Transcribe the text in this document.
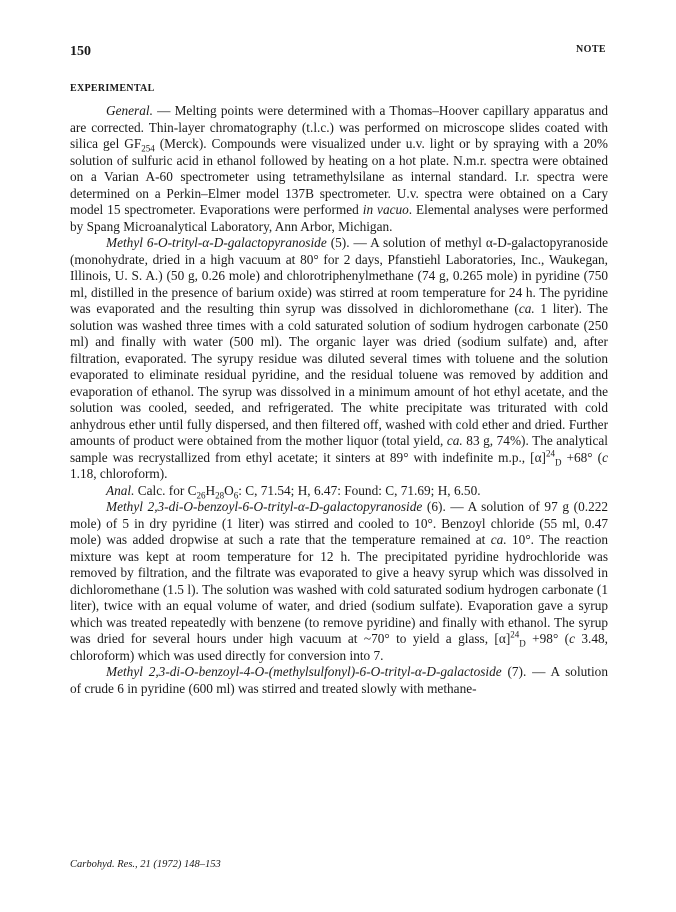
150	NOTE
EXPERIMENTAL

General. — Melting points were determined with a Thomas–Hoover capillary apparatus and are corrected. Thin-layer chromatography (t.l.c.) was performed on microscope slides coated with silica gel $GF_{254}$ (Merck). Compounds were visualized under u.v. light or by spraying with a 20% solution of sulfuric acid in ethanol followed by heating on a hot plate. N.m.r. spectra were obtained on a Varian A-60 spectrometer using tetramethylsilane as internal standard. I.r. spectra were determined on a Perkin–Elmer model 137B spectrometer. U.v. spectra were obtained on a Cary model 15 spectrometer. Evaporations were performed in vacuo. Elemental analyses were performed by Spang Microanalytical Laboratory, Ann Arbor, Michigan.

Methyl 6-O-trityl-α-D-galactopyranoside (5). — A solution of methyl α-D-galactopyranoside (monohydrate, dried in a high vacuum at 80° for 2 days, Pfanstiehl Laboratories, Inc., Waukegan, Illinois, U. S. A.) (50 g, 0.26 mole) and chlorotriphenylmethane (74 g, 0.265 mole) in pyridine (750 ml, distilled in the presence of barium oxide) was stirred at room temperature for 24 h. The pyridine was evaporated and the resulting thin syrup was dissolved in dichloromethane (ca. 1 liter). The solution was washed three times with a cold saturated solution of sodium hydrogen carbonate (250 ml) and finally with water (500 ml). The organic layer was dried (sodium sulfate) and, after filtration, evaporated. The syrupy residue was diluted several times with toluene and the solution evaporated to eliminate residual pyridine, and the residual toluene was removed by addition and evaporation of ethanol. The syrup was dissolved in a minimum amount of hot ethyl acetate, and the solution was cooled, seeded, and refrigerated. The white precipitate was triturated with cold anhydrous ether until fully dispersed, and then filtered off, washed with cold ether and dried. Further amounts of product were obtained from the mother liquor (total yield, ca. 83 g, 74%). The analytical sample was recrystallized from ethyl acetate; it sinters at 89° with indefinite m.p., $[\alpha]^{24}_D +68^\circ$ (c 1.18, chloroform).

Anal. Calc. for $C_{26}H_{28}O_6$: C, 71.54; H, 6.47: Found: C, 71.69; H, 6.50.

Methyl 2,3-di-O-benzoyl-6-O-trityl-α-D-galactopyranoside (6). — A solution of 97 g (0.222 mole) of 5 in dry pyridine (1 liter) was stirred and cooled to 10°. Benzoyl chloride (55 ml, 0.47 mole) was added dropwise at such a rate that the temperature remained at ca. 10°. The reaction mixture was kept at room temperature for 12 h. The precipitated pyridine hydrochloride was removed by filtration, and the filtrate was evaporated to give a heavy syrup which was dissolved in dichloromethane (1.5 l). The solution was washed with cold saturated sodium hydrogen carbonate (1 liter), twice with an equal volume of water, and dried (sodium sulfate). Evaporation gave a syrup which was treated repeatedly with benzene (to remove pyridine) and finally with ethanol. The syrup was dried for several hours under high vacuum at ~70° to yield a glass, $[\alpha]^{24}_D +98^\circ$ (c 3.48, chloroform) which was used directly for conversion into 7.

Methyl 2,3-di-O-benzoyl-4-O-(methylsulfonyl)-6-O-trityl-α-D-galactoside (7). — A solution of crude 6 in pyridine (600 ml) was stirred and treated slowly with methane-

Carbohyd. Res., 21 (1972) 148–153
